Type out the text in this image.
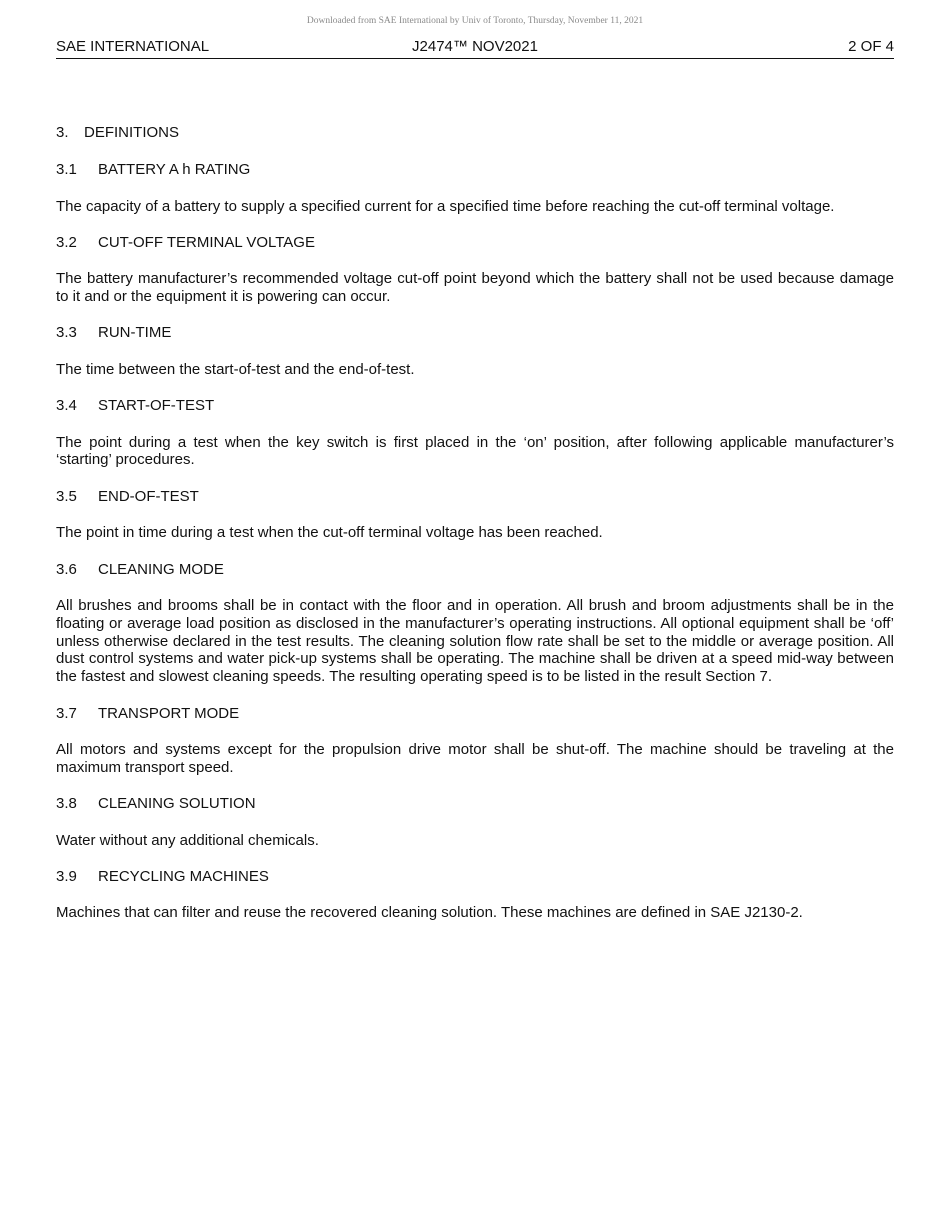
Downloaded from SAE International by Univ of Toronto, Thursday, November 11, 2021
SAE INTERNATIONAL	J2474™ NOV2021	2 OF 4
3. DEFINITIONS
3.1 BATTERY A h RATING

The capacity of a battery to supply a specified current for a specified time before reaching the cut-off terminal voltage.

3.2 CUT-OFF TERMINAL VOLTAGE

The battery manufacturer’s recommended voltage cut-off point beyond which the battery shall not be used because damage to it and or the equipment it is powering can occur.

3.3 RUN-TIME

The time between the start-of-test and the end-of-test.

3.4 START-OF-TEST

The point during a test when the key switch is first placed in the ‘on’ position, after following applicable manufacturer’s ‘starting’ procedures.

3.5 END-OF-TEST

The point in time during a test when the cut-off terminal voltage has been reached.

3.6 CLEANING MODE

All brushes and brooms shall be in contact with the floor and in operation. All brush and broom adjustments shall be in the floating or average load position as disclosed in the manufacturer’s operating instructions. All optional equipment shall be ‘off’ unless otherwise declared in the test results. The cleaning solution flow rate shall be set to the middle or average position. All dust control systems and water pick-up systems shall be operating. The machine shall be driven at a speed mid-way between the fastest and slowest cleaning speeds. The resulting operating speed is to be listed in the result Section 7.

3.7 TRANSPORT MODE

All motors and systems except for the propulsion drive motor shall be shut-off. The machine should be traveling at the maximum transport speed.

3.8 CLEANING SOLUTION

Water without any additional chemicals.

3.9 RECYCLING MACHINES

Machines that can filter and reuse the recovered cleaning solution. These machines are defined in SAE J2130-2.
